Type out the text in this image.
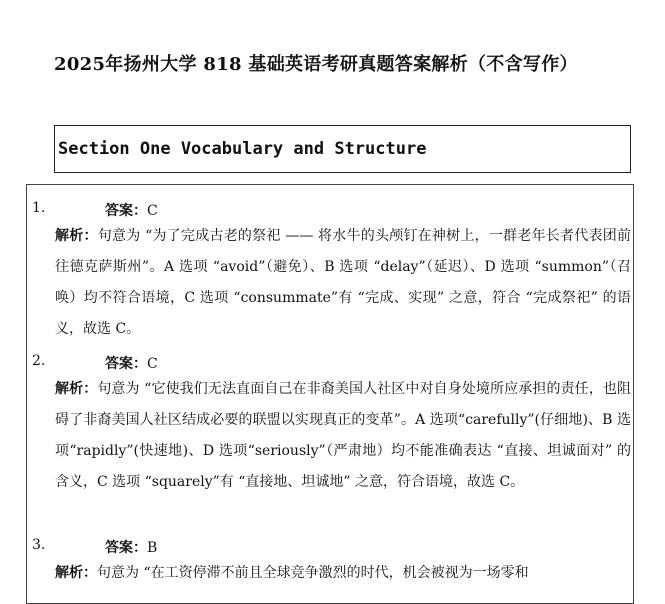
2025年扬州大学 818 基础英语考研真题答案解析（不含写作）
Section One Vocabulary and Structure
1.	答案：C
解析：句意为 “为了完成古老的祭祀 —— 将水牛的头颅钉在神树上，一群老年长者代表团前往德克萨斯州”。A 选项 “avoid”（避免）、B 选项 “delay”（延迟）、D 选项 “summon”（召唤）均不符合语境，C 选项 “consummate”有 “完成、实现” 之意，符合 “完成祭祀” 的语义，故选 C。
2.	答案：C
解析：句意为 “它使我们无法直面自己在非裔美国人社区中对自身处境所应承担的责任，也阻碍了非裔美国人社区结成必要的联盟以实现真正的变革”。A 选项“carefully”(仔细地)、B 选项“rapidly”(快速地)、D 选项“seriously”（严肃地）均不能准确表达 “直接、坦诚面对” 的含义，C 选项 “squarely”有 “直接地、坦诚地” 之意，符合语境，故选 C。
3.	答案：B
解析：句意为 “在工资停滞不前且全球竞争激烈的时代，机会被视为一场零和
